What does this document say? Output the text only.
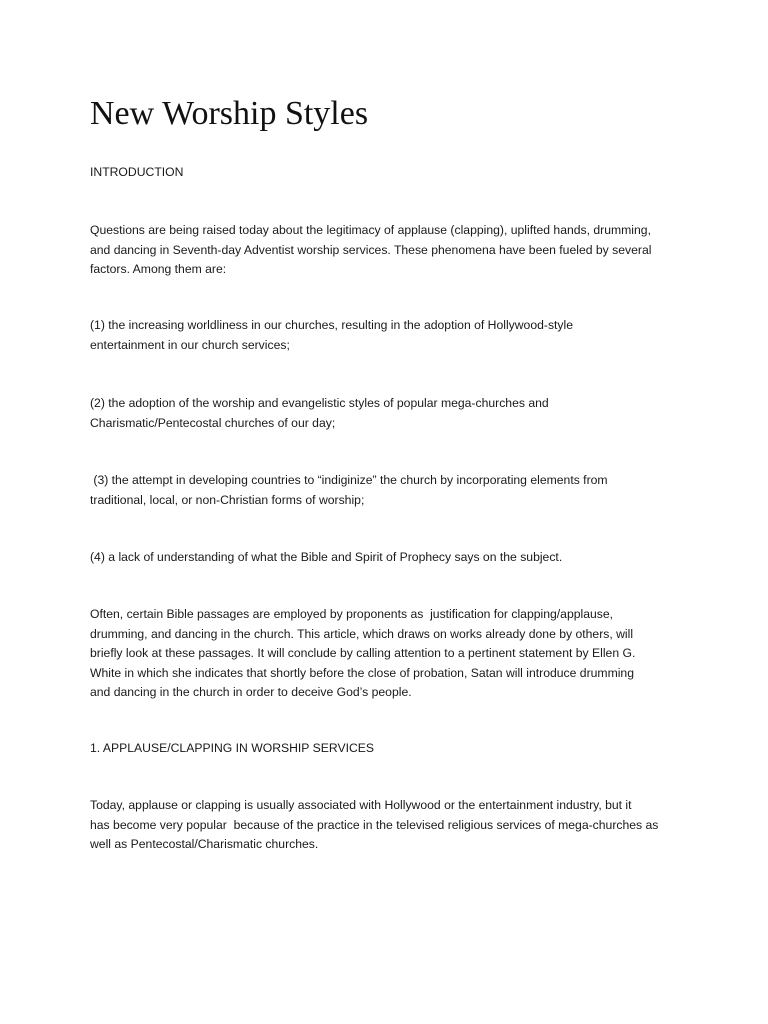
New Worship Styles

INTRODUCTION

Questions are being raised today about the legitimacy of applause (clapping), uplifted hands, drumming,
and dancing in Seventh-day Adventist worship services. These phenomena have been fueled by several
factors. Among them are:

(1) the increasing worldliness in our churches, resulting in the adoption of Hollywood-style
entertainment in our church services;

(2) the adoption of the worship and evangelistic styles of popular mega-churches and
Charismatic/Pentecostal churches of our day;

(3) the attempt in developing countries to “indiginize” the church by incorporating elements from
traditional, local, or non-Christian forms of worship;

(4) a lack of understanding of what the Bible and Spirit of Prophecy says on the subject.

Often, certain Bible passages are employed by proponents as  justification for clapping/applause,
drumming, and dancing in the church. This article, which draws on works already done by others, will
briefly look at these passages. It will conclude by calling attention to a pertinent statement by Ellen G.
White in which she indicates that shortly before the close of probation, Satan will introduce drumming
and dancing in the church in order to deceive God’s people.

1. APPLAUSE/CLAPPING IN WORSHIP SERVICES

Today, applause or clapping is usually associated with Hollywood or the entertainment industry, but it
has become very popular  because of the practice in the televised religious services of mega-churches as
well as Pentecostal/Charismatic churches.
